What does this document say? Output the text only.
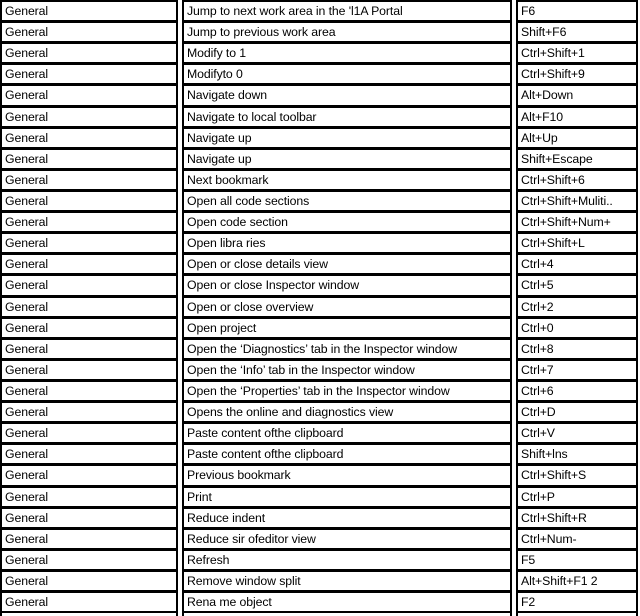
General	Jump to next work area in the 'l1A Portal	F6
General	Jump to previous work area	Shift+F6
General	Modify to 1	Ctrl+Shift+1
General	Modifyto 0	Ctrl+Shift+9
General	Navigate down	Alt+Down
General	Navigate to local toolbar	Alt+F10
General	Navigate up	Alt+Up
General	Navigate up	Shift+Escape
General	Next bookmark	Ctrl+Shift+6
General	Open all code sections	Ctrl+Shift+Muliti..
General	Open code section	Ctrl+Shift+Num+
General	Open libra ries	Ctrl+Shift+L
General	Open or close details view	Ctrl+4
General	Open or close Inspector window	Ctrl+5
General	Open or close overview	Ctrl+2
General	Open project	Ctrl+0
General	Open the ‘Diagnostics’ tab in the Inspector window	Ctrl+8
General	Open the ‘Info’ tab in the Inspector window	Ctrl+7
General	Open the ‘Properties’ tab in the Inspector window	Ctrl+6
General	Opens the online and diagnostics view	Ctrl+D
General	Paste content ofthe clipboard	Ctrl+V
General	Paste content ofthe clipboard	Shift+lns
General	Previous bookmark	Ctrl+Shift+S
General	Print	Ctrl+P
General	Reduce indent	Ctrl+Shift+R
General	Reduce sir ofeditor view	Ctrl+Num-
General	Refresh	F5
General	Remove window split	Alt+Shift+F1 2
General	Rena me object	F2
